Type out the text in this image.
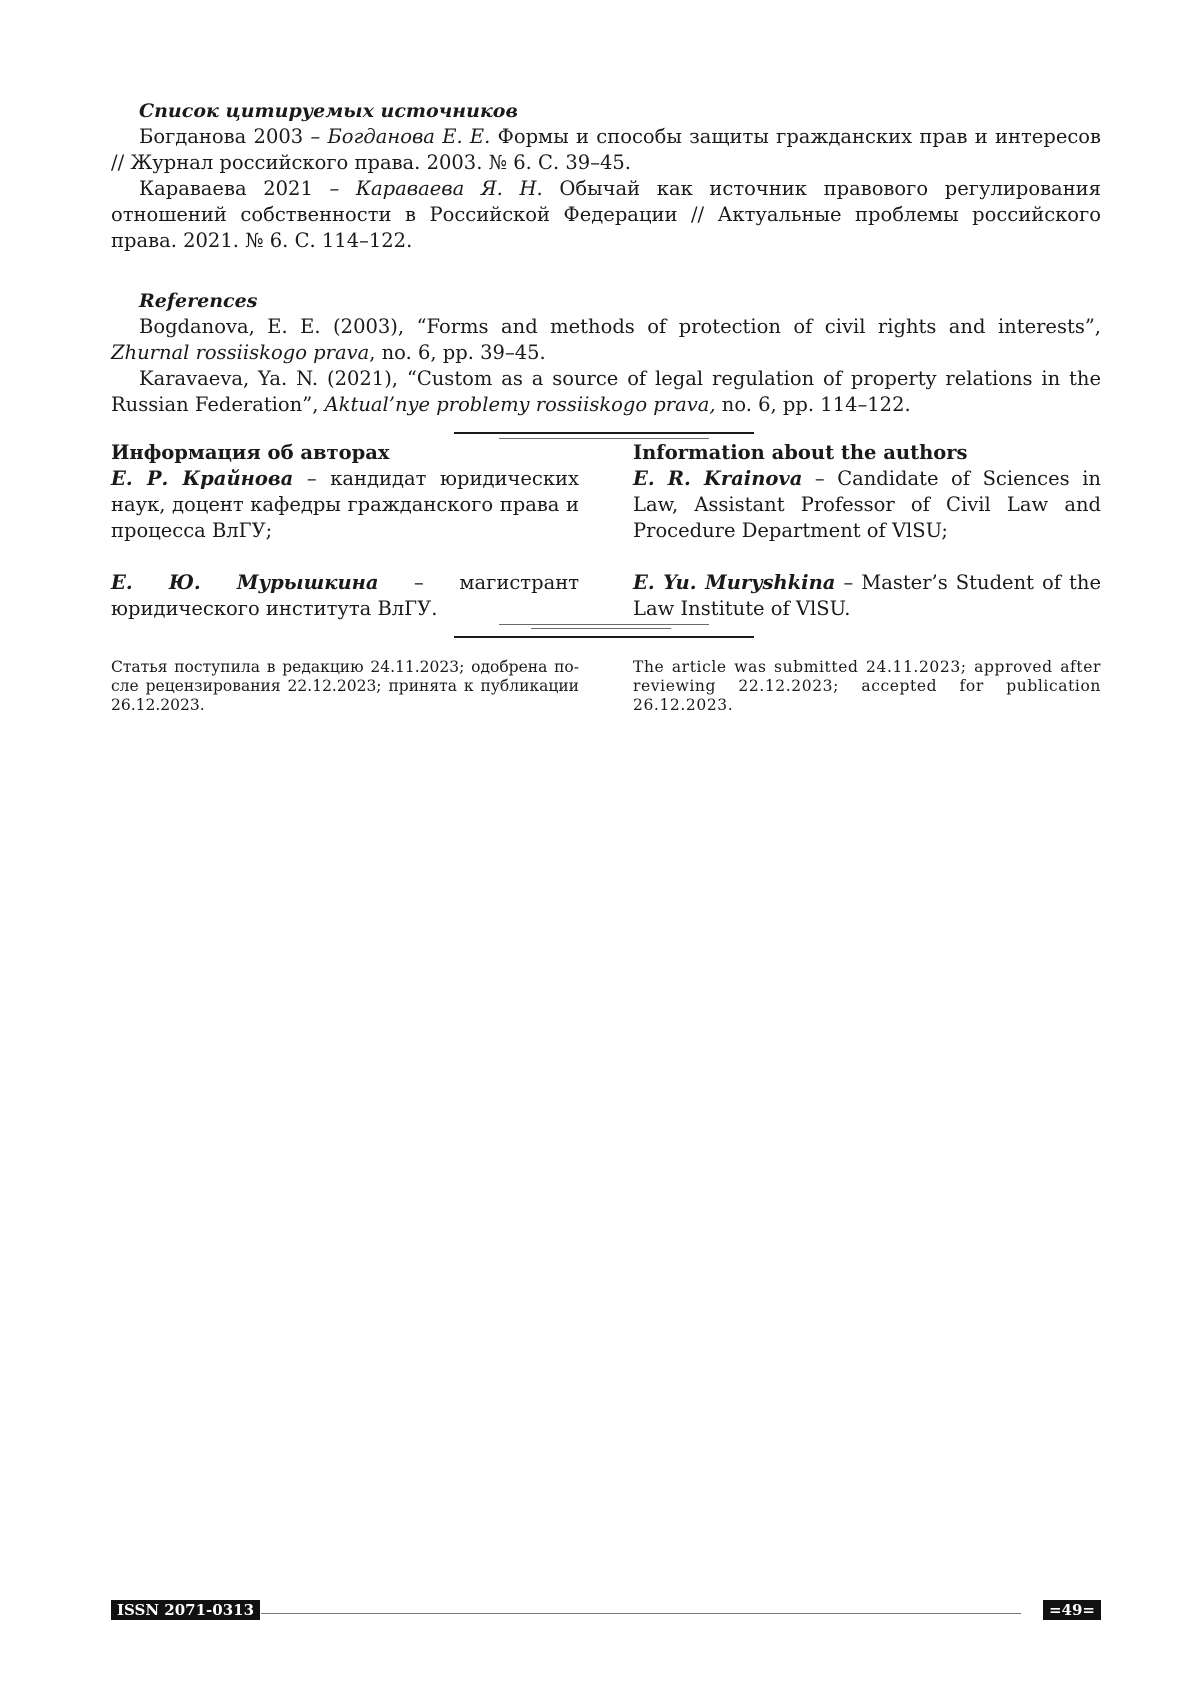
Список цитируемых источников

Богданова 2003 – Богданова Е. Е. Формы и способы защиты гражданских прав и интересов // Журнал российского права. 2003. № 6. С. 39–45.

Караваева 2021 – Караваева Я. Н. Обычай как источник правового регулирования отношений собственности в Российской Федерации // Актуальные проблемы российского права. 2021. № 6. С. 114–122.

References

Bogdanova, E. E. (2003), “Forms and methods of protection of civil rights and interests”, Zhurnal rossiiskogo prava, no. 6, pp. 39–45.

Karavaeva, Ya. N. (2021), “Custom as a source of legal regulation of property relations in the Russian Federation”, Aktual’nye problemy rossiiskogo prava, no. 6, pp. 114–122.

Информация об авторах

Е. Р. Крайнова – кандидат юридических наук, доцент кафедры гражданского права и процесса ВлГУ;

Е. Ю. Мурышкина – магистрант юридического института ВлГУ.

Information about the authors

E. R. Krainova – Candidate of Sciences in Law, Assistant Professor of Civil Law and Procedure Department of VlSU;

E. Yu. Muryshkina – Master’s Student of the Law Institute of VlSU.

Статья поступила в редакцию 24.11.2023; одобрена после рецензирования 22.12.2023; принята к публикации 26.12.2023.

The article was submitted 24.11.2023; approved after reviewing 22.12.2023; accepted for publication 26.12.2023.

ISSN 2071-0313	=49=
